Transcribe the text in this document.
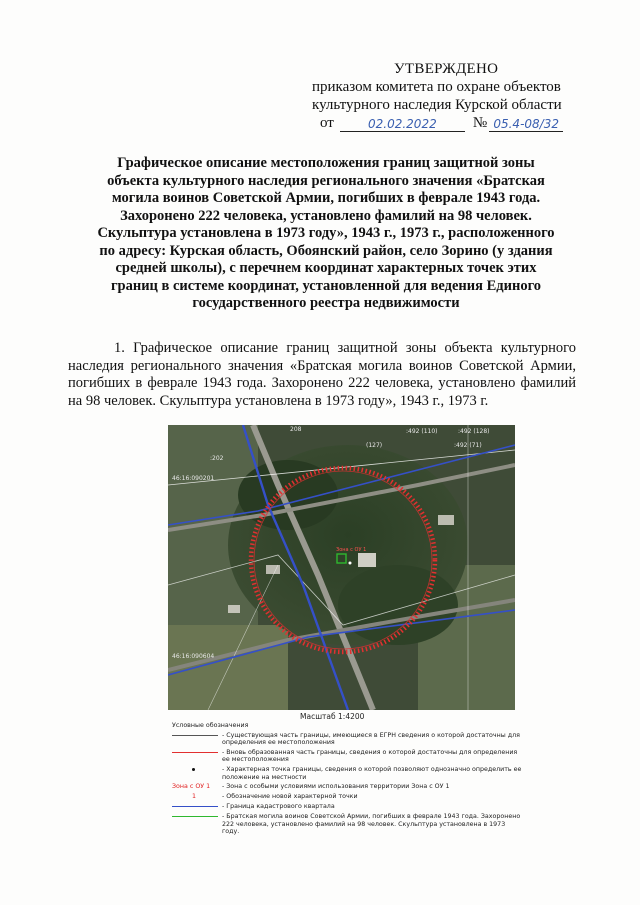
УТВЕРЖДЕНО
приказом комитета по охране объектов
культурного наследия Курской области
от	02.02.2022	№ 05.4-08/32
Графическое описание местоположения границ защитной зоны
объекта культурного наследия регионального значения «Братская
могила воинов Советской Армии, погибших в феврале 1943 года.
Захоронено 222 человека, установлено фамилий на 98 человек.
Скульптура установлена в 1973 году», 1943 г., 1973 г., расположенного
по адресу: Курская область, Обоянский район, село Зорино (у здания
средней школы), с перечнем координат характерных точек этих
границ в системе координат, установленной для ведения Единого
государственного реестра недвижимости
1. Графическое описание границ защитной зоны объекта культурного наследия регионального значения «Братская могила воинов Советской Армии, погибших в феврале 1943 года. Захоронено 222 человека, установлено фамилий на 98 человек. Скульптура установлена в 1973 году», 1943 г., 1973 г.
208	:492 (110)	:492 (128)
(127)	:492 (71)
:202
46:16:090201
46:16:090604
Зона с ОУ 1
Масштаб 1:4200
Условные обозначения
- Существующая часть границы, имеющиеся в ЕГРН сведения о которой достаточны для определения ее местоположения
- Вновь образованная часть границы, сведения о которой достаточны для определения ее местоположения
- Характерная точка границы, сведения о которой позволяют однозначно определить ее положение на местности
Зона с ОУ 1	- Зона с особыми условиями использования территории Зона с ОУ 1
1	- Обозначение новой характерной точки
- Граница кадастрового квартала
- Братская могила воинов Советской Армии, погибших в феврале 1943 года. Захоронено 222 человека, установлено фамилий на 98 человек. Скульптура установлена в 1973 году.
